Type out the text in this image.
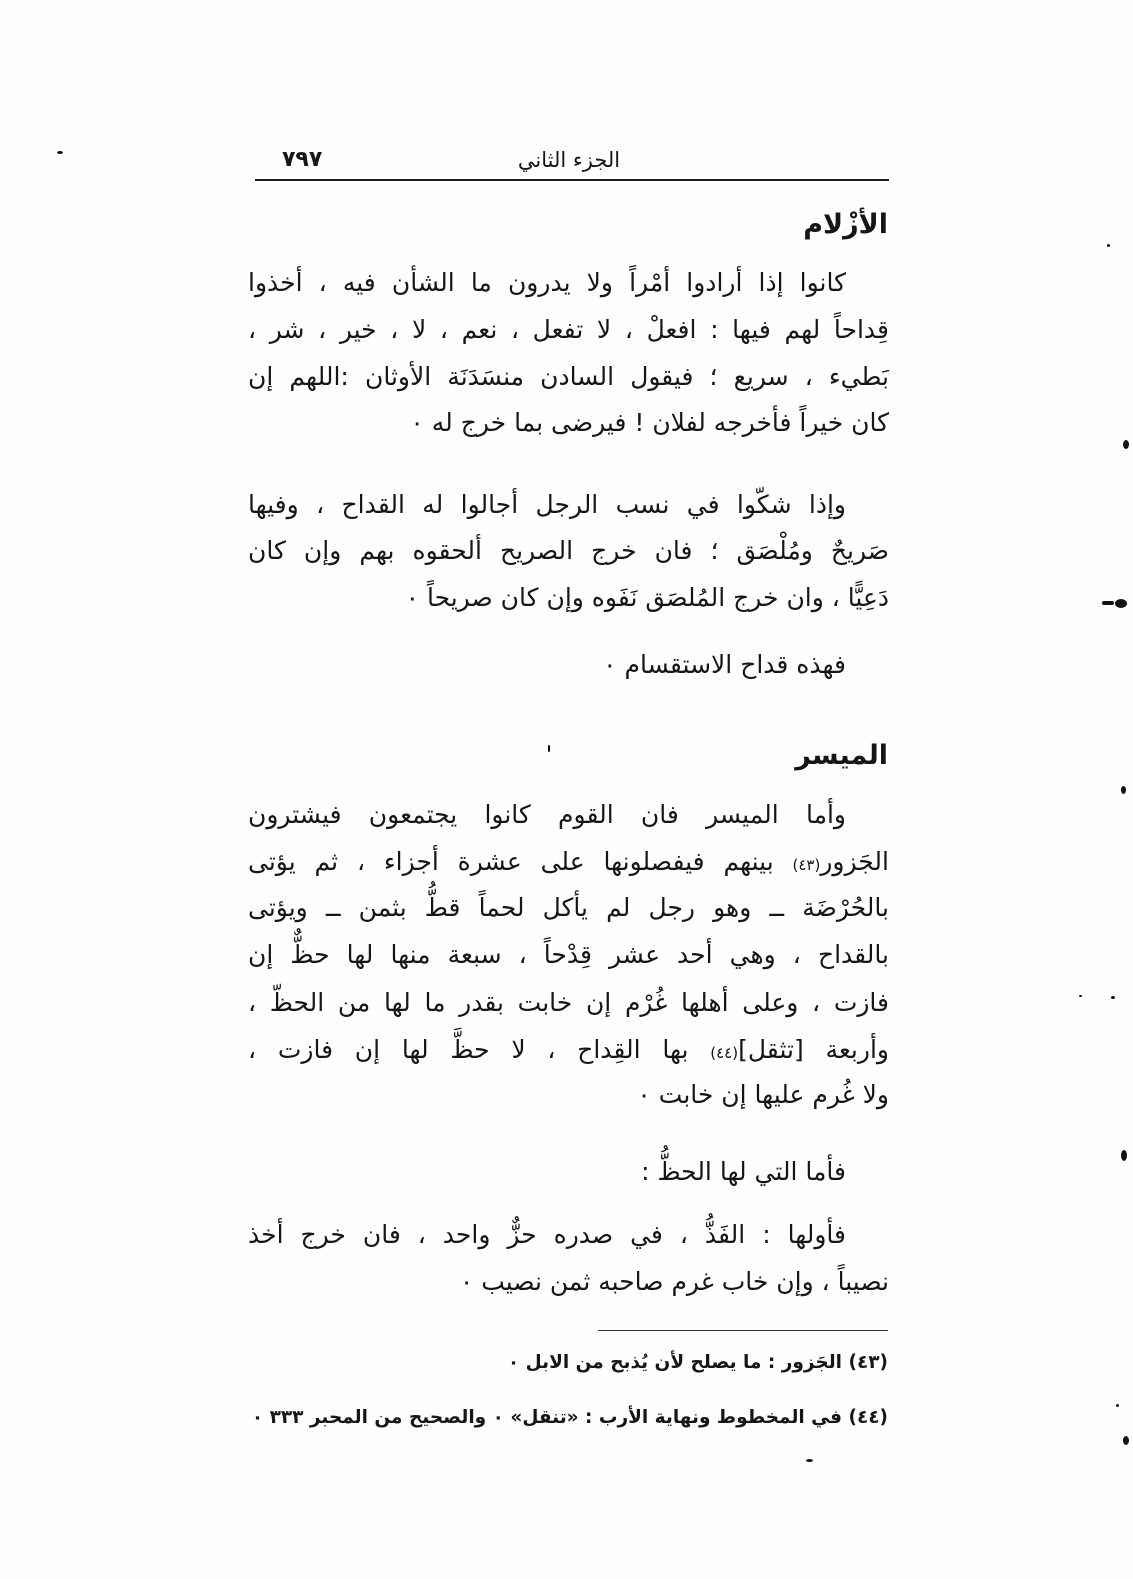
٧٩٧	الجزء الثاني
الأزْلام
كانوا إذا أرادوا أمْراً ولا يدرون ما الشأن فيه ، أخذوا
قِداحاً لهم فيها : افعلْ ، لا تفعل ، نعم ، لا ، خير ، شر ،
بَطيء ، سريع ؛ فيقول السادن منسَدَنَة الأوثان :اللهم إن
كان خيراً فأخرجه لفلان ! فيرضى بما خرج له ٠
وإذا شكّوا في نسب الرجل أجالوا له القداح ، وفيها
صَريحٌ ومُلْصَق ؛ فان خرج الصريح ألحقوه بهم وإن كان
دَعِيًّا ، وان خرج المُلصَق نَفَوه وإن كان صريحاً ٠
فهذه قداح الاستقسام ٠
الميسر
وأما الميسر فان القوم كانوا يجتمعون فيشترون
الجَزور(٤٣) بينهم فيفصلونها على عشرة أجزاء ، ثم يؤتى
بالحُرْضَة ــ وهو رجل لم يأكل لحماً قطُّ بثمن ــ ويؤتى
بالقداح ، وهي أحد عشر قِدْحاً ، سبعة منها لها حظٌّ إن
فازت ، وعلى أهلها غُرْم إن خابت بقدر ما لها من الحظّ ،
وأربعة [تثقل](٤٤) بها القِداح ، لا حظَّ لها إن فازت ،
ولا غُرم عليها إن خابت ٠
فأما التي لها الحظُّ :
فأولها : الفَذُّ ، في صدره حزٌّ واحد ، فان خرج أخذ
نصيباً ، وإن خاب غرم صاحبه ثمن نصيب ٠
(٤٣) الجَزور : ما يصلح لأن يُذبح من الابل ٠
(٤٤) في المخطوط ونهاية الأرب : «تنقل» ٠ والصحيح من المحبر ٣٣٣ ٠
